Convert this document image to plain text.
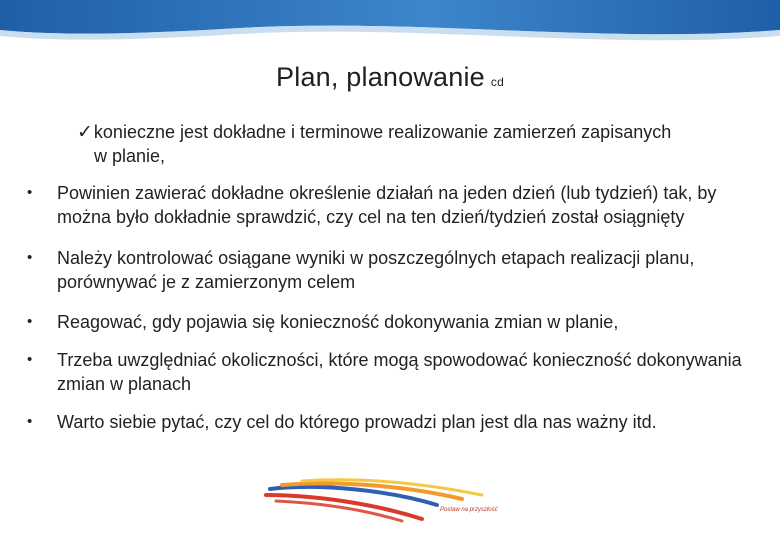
Plan, planowanie cd
✓konieczne jest dokładne i terminowe realizowanie zamierzeń zapisanych
w planie,
• Powinien zawierać dokładne określenie działań na jeden dzień (lub tydzień) tak, by można było dokładnie sprawdzić, czy cel na ten dzień/tydzień został osiągnięty
• Należy kontrolować osiągane wyniki w poszczególnych etapach realizacji planu, porównywać je z zamierzonym celem
• Reagować, gdy pojawia się konieczność dokonywania zmian w planie,
• Trzeba uwzględniać okoliczności, które mogą spowodować konieczność dokonywania zmian w planach
• Warto siebie pytać, czy cel do którego prowadzi plan jest dla nas ważny itd.
Postaw na przyszłość
